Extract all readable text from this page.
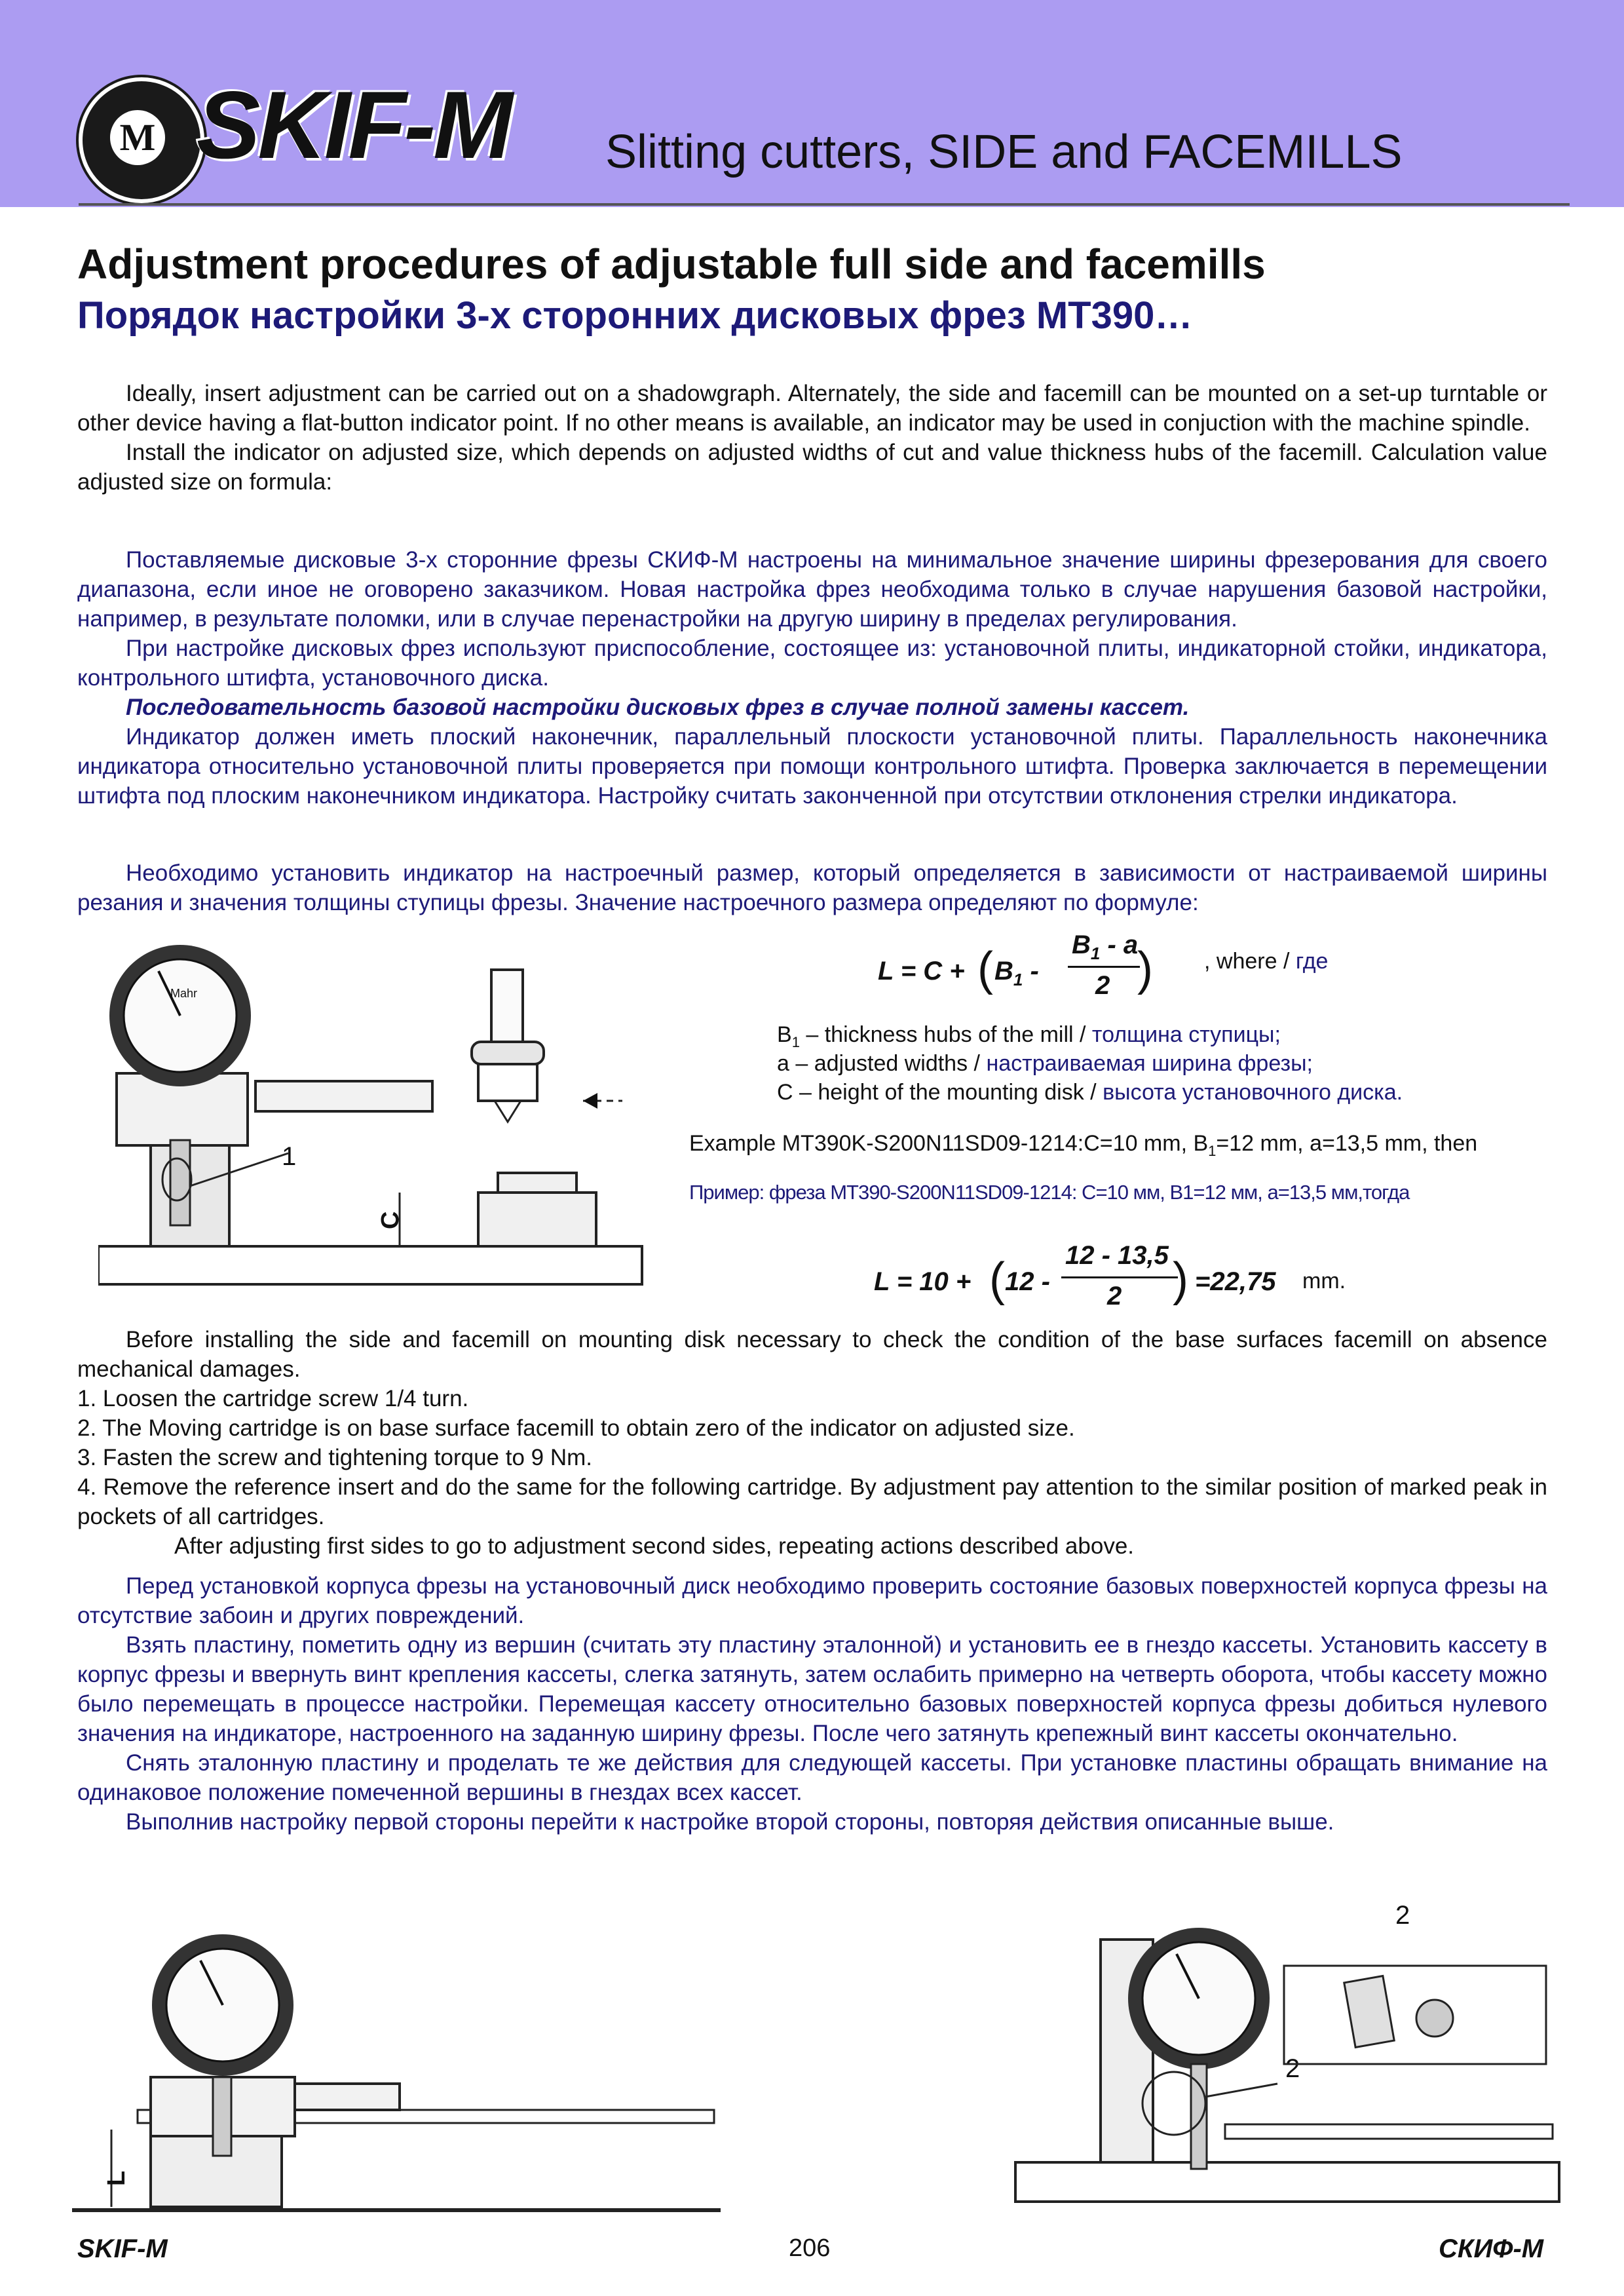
M SKIF-M Slitting cutters, SIDE and FACEMILLS
Adjustment procedures of adjustable full side and facemills
Порядок настройки 3-х сторонних дисковых фрез MT390…
Ideally, insert adjustment can be carried out on a shadowgraph. Alternately, the side and facemill can be mounted on a set-up turntable or other device having a flat-button indicator point. If no other means is available, an indicator may be used in conjuction with the machine spindle.
Install the indicator on adjusted size, which depends on adjusted widths of cut and value thickness hubs of the facemill. Calculation value adjusted size on formula:
Поставляемые дисковые 3-х сторонние фрезы СКИФ-М настроены на минимальное значение ширины фрезерования для своего диапазона, если иное не оговорено заказчиком. Новая настройка фрез необходима только в случае нарушения базовой настройки, например, в результате поломки, или в случае перенастройки на другую ширину в пределах регулирования.
При настройке дисковых фрез используют приспособление, состоящее из: установочной плиты, индикаторной стойки, индикатора, контрольного штифта, установочного диска.
Последовательность базовой настройки дисковых фрез в случае полной замены кассет.
Индикатор должен иметь плоский наконечник, параллельный плоскости установочной плиты. Параллельность наконечника индикатора относительно установочной плиты проверяется при помощи контрольного штифта. Проверка заключается в перемещении штифта под плоским наконечником индикатора. Настройку считать законченной при отсутствии отклонения стрелки индикатора.
Необходимо установить индикатор на настроечный размер, который определяется в зависимости от настраиваемой ширины резания и значения толщины ступицы фрезы. Значение настроечного размера определяют по формуле:
L = C + ( $B_1$ -
$B_1$ - a
2 ) , where / где
$B_1$ – thickness hubs of the mill / толщина ступицы;
a – adjusted widths / настраиваемая ширина фрезы;
C – height of the mounting disk / высота установочного диска.
Example MT390K-S200N11SD09-1214:C=10 mm, $B_1=12$ mm, a=13,5 mm, then
Пример: фреза MT390-S200N11SD09-1214: С=10 мм, В1=12 мм, а=13,5 мм,тогда
L = 10 + ( 12 -
12 - 13,5
2 ) =22,75 mm.
Mahr
1
C
Before installing the side and facemill on mounting disk necessary to check the condition of the base surfaces facemill on absence mechanical damages.
1. Loosen the cartridge screw 1/4 turn.
2. The Moving cartridge is on base surface facemill to obtain zero of the indicator on adjusted size.
3. Fasten the screw and tightening torque to 9 Nm.
4. Remove the reference insert and do the same for the following cartridge. By adjustment pay attention to the similar position of marked peak in pockets of all cartridges.
After adjusting first sides to go to adjustment second sides, repeating actions described above.
Перед установкой корпуса фрезы на установочный диск необходимо проверить состояние базовых поверхностей корпуса фрезы на отсутствие забоин и других повреждений.
Взять пластину, пометить одну из вершин (считать эту пластину эталонной) и установить ее в гнездо кассеты. Установить кассету в корпус фрезы и ввернуть винт крепления кассеты, слегка затянуть, затем ослабить примерно на четверть оборота, чтобы кассету можно было перемещать в процессе настройки. Перемещая кассету относительно базовых поверхностей корпуса фрезы добиться нулевого значения на индикаторе, настроенного на заданную ширину фрезы. После чего затянуть крепежный винт кассеты окончательно.
Снять эталонную пластину и проделать те же действия для следующей кассеты. При установке пластины обращать внимание на одинаковое положение помеченной вершины в гнездах всех кассет.
Выполнив настройку первой стороны перейти к настройке второй стороны, повторяя действия описанные выше.
L
2
2
SKIF-M	206	СКИФ-М
